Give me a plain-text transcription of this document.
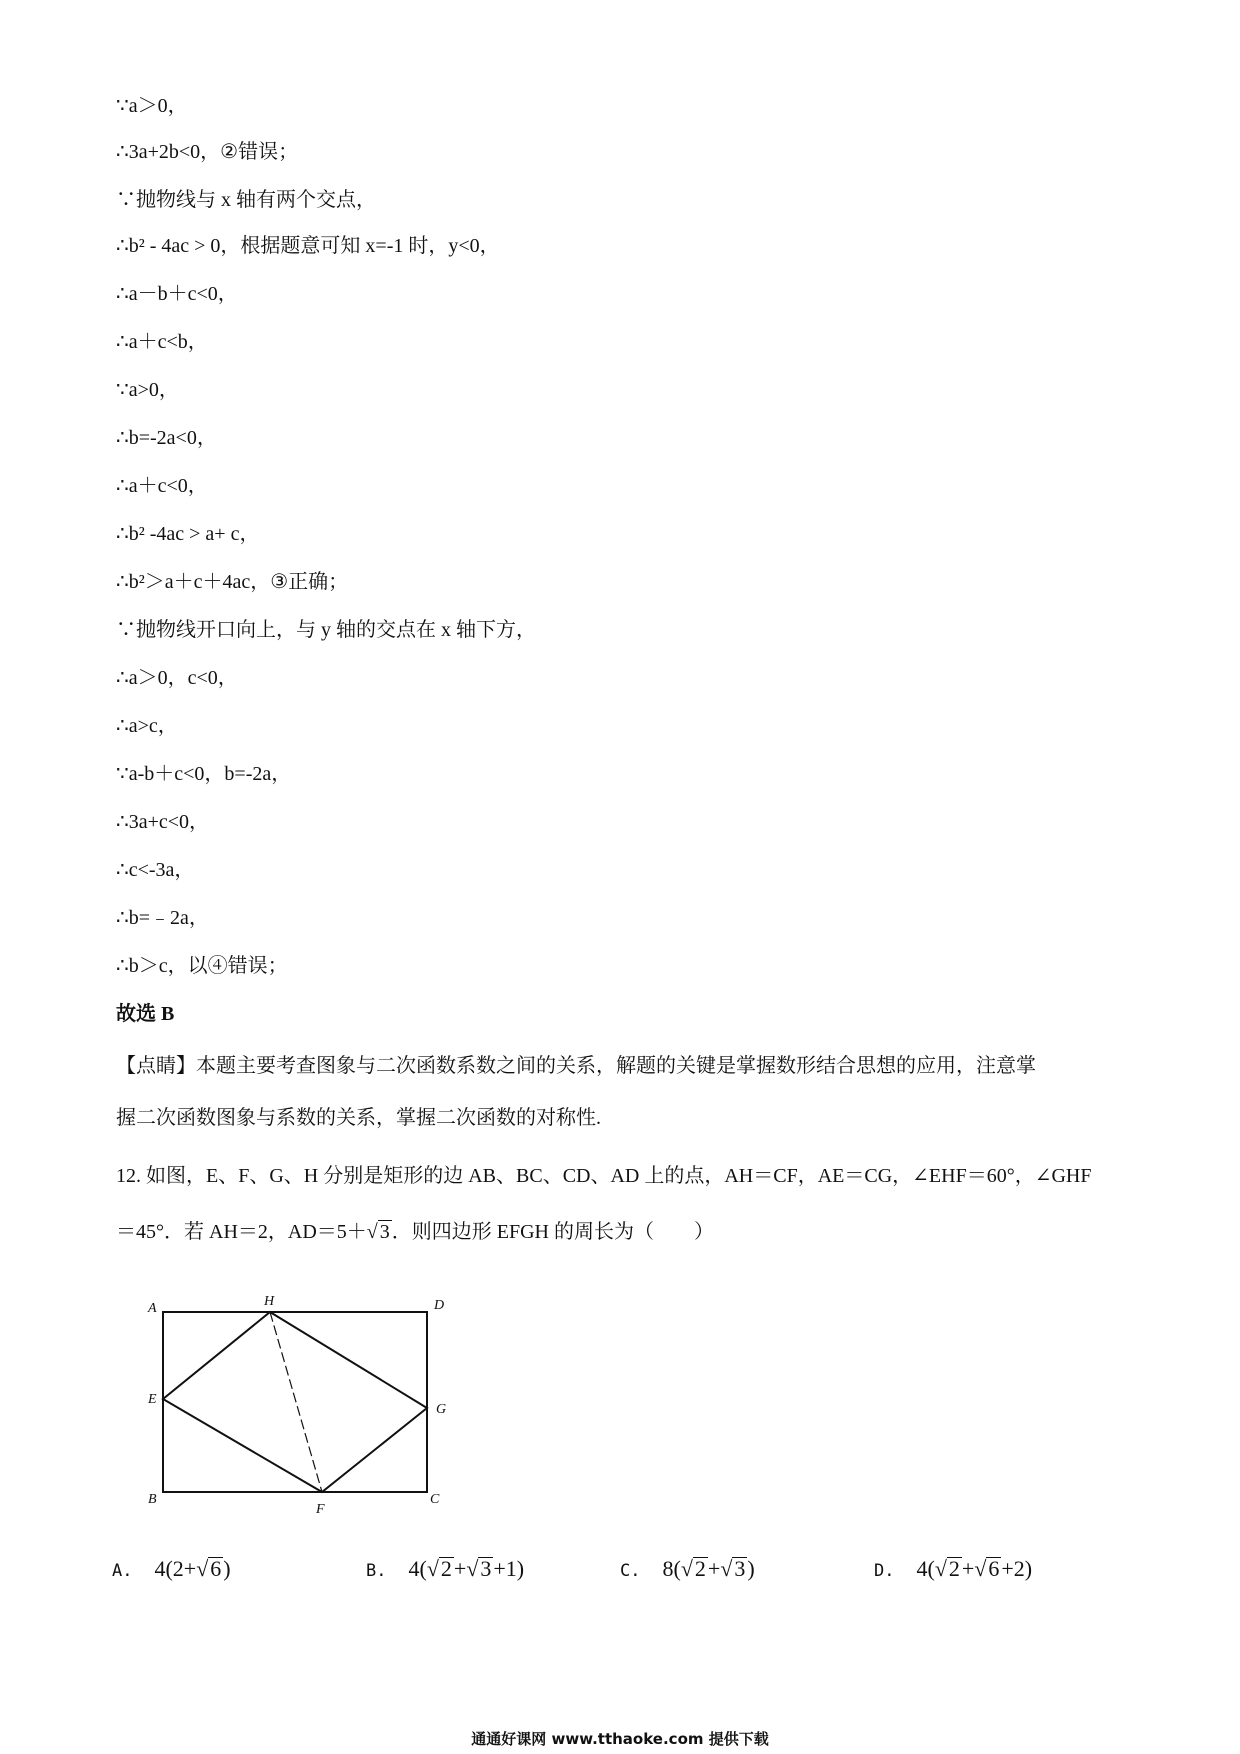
∵a＞0，
∴3a+2b<0，②错误；
∵抛物线与 x 轴有两个交点，
∴b² - 4ac > 0，根据题意可知 x=-1 时，y<0，
∴a－b＋c<0，
∴a＋c<b，
∵a>0，
∴b=-2a<0，
∴a＋c<0，
∴b² -4ac > a+ c，
∴b²＞a＋c＋4ac，③正确；
∵抛物线开口向上，与 y 轴的交点在 x 轴下方，
∴a＞0，c<0，
∴a>c，
∵a-b＋c<0，b=-2a，
∴3a+c<0，
∴c<-3a，
∴b=﹣2a，
∴b＞c，以④错误；
故选 B
【点睛】本题主要考查图象与二次函数系数之间的关系，解题的关键是掌握数形结合思想的应用，注意掌
握二次函数图象与系数的关系，掌握二次函数的对称性.
12. 如图，E、F、G、H 分别是矩形的边 AB、BC、CD、AD 上的点，AH＝CF，AE＝CG，∠EHF＝60°，∠GHF
＝45°．若 AH＝2，AD＝5＋√ 3 ．则四边形 EFGH 的周长为（　　）
A
B	C
D
E
F
G
H
A. 4(2+√6)	B. 4(√2+√3+1)	C. 8(√2+√3)	D. 4(√2+√6+2)
通通好课网 www.tthaoke.com 提供下载
